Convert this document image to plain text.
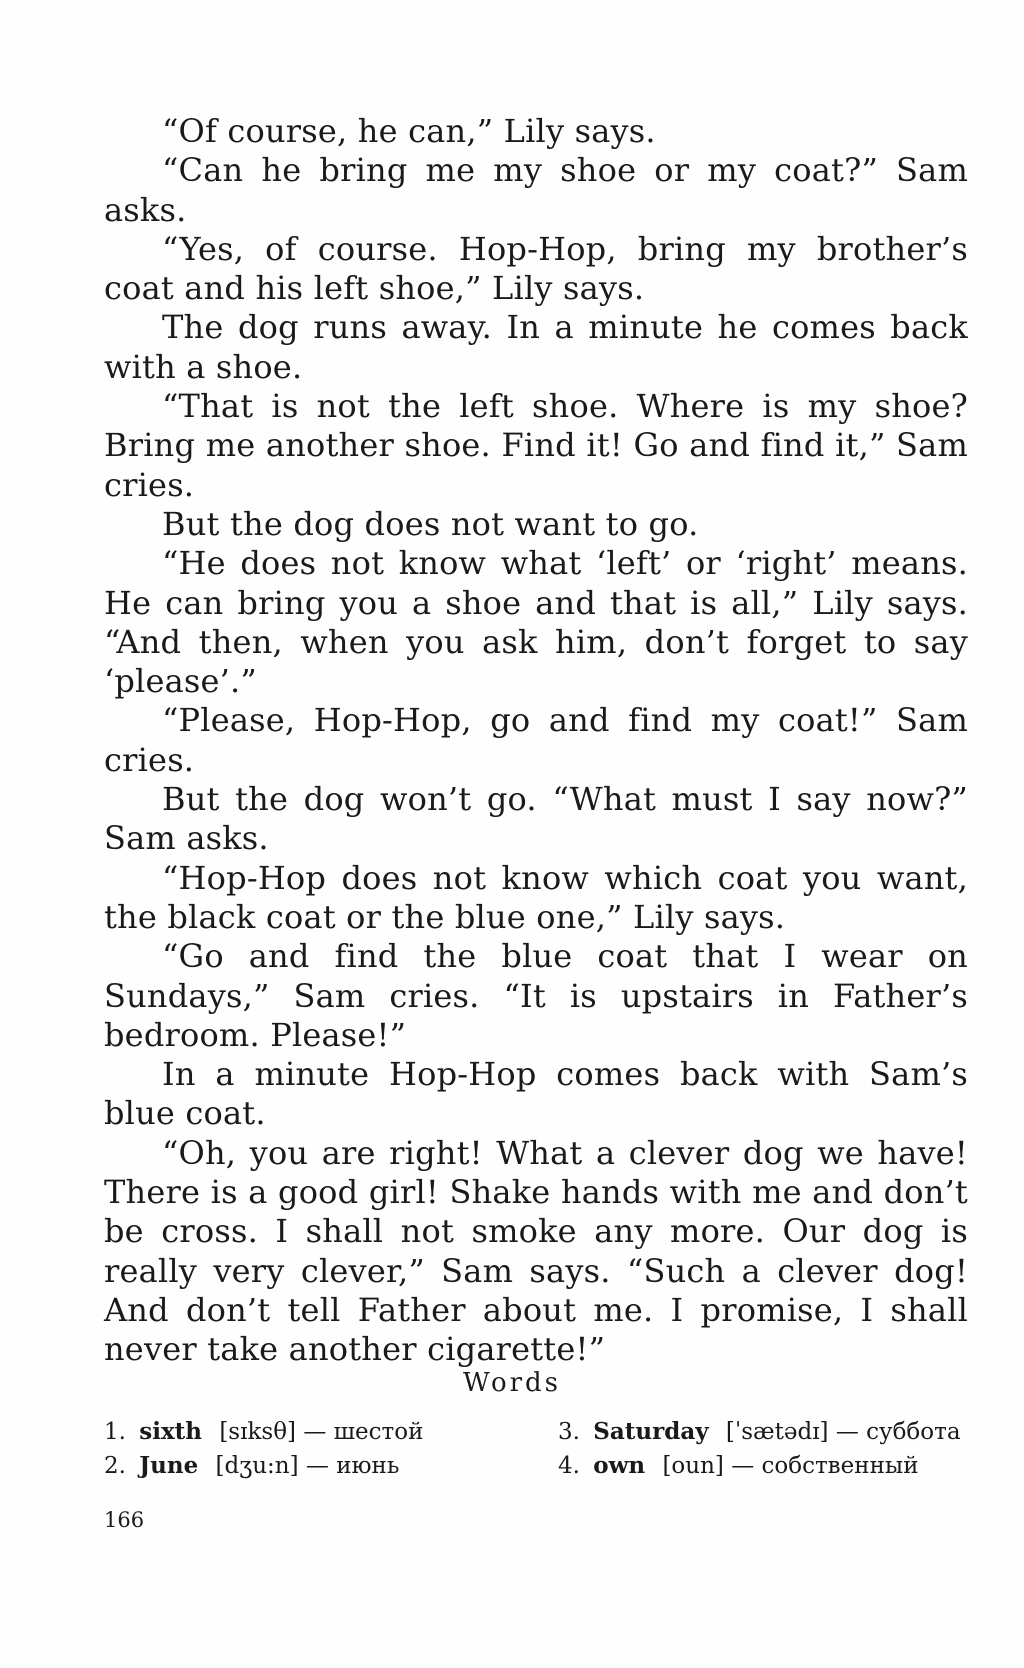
“Of course, he can,” Lily says.

“Can he bring me my shoe or my coat?” Sam asks.

“Yes, of course. Hop-Hop, bring my brother’s coat and his left shoe,” Lily says.

The dog runs away. In a minute he comes back with a shoe.

“That is not the left shoe. Where is my shoe? Bring me another shoe. Find it! Go and find it,” Sam cries.

But the dog does not want to go.

“He does not know what ‘left’ or ‘right’ means. He can bring you a shoe and that is all,” Lily says. “And then, when you ask him, don’t forget to say ‘please’.”

“Please, Hop-Hop, go and find my coat!” Sam cries.

But the dog won’t go. “What must I say now?” Sam asks.

“Hop-Hop does not know which coat you want, the black coat or the blue one,” Lily says.

“Go and find the blue coat that I wear on Sundays,” Sam cries. “It is upstairs in Father’s bedroom. Please!”

In a minute Hop-Hop comes back with Sam’s blue coat.

“Oh, you are right! What a clever dog we have! There is a good girl! Shake hands with me and don’t be cross. I shall not smoke any more. Our dog is really very clever,” Sam says. “Such a clever dog! And don’t tell Father about me. I promise, I shall never take another cigarette!”

Words
1. sixth [sɪksθ] — шестой
2. June [dʒu:n] — июнь
3. Saturday [ˈsætədɪ] — суббота
4. own [oun] — собственный
166
